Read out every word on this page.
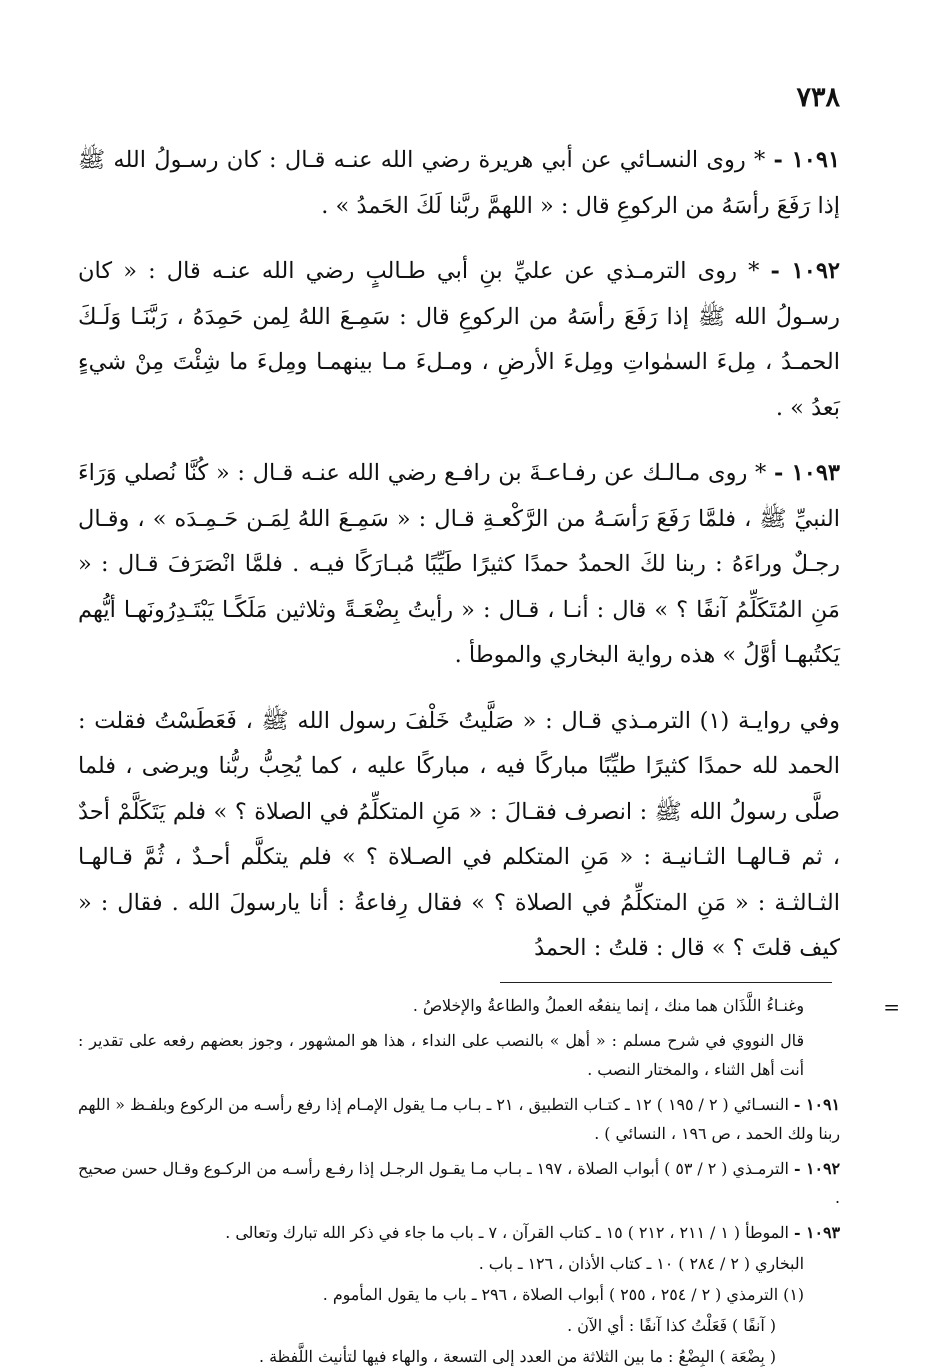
٧٣٨

١٠٩١ - * روى النسـائي عن أبي هريرة رضي الله عنـه قـال : كان رسـولُ الله ﷺ إذا رَفَعَ رأسَهُ من الركوعِ قال : « اللهمَّ ربَّنا لَكَ الحَمدُ » .

١٠٩٢ - * روى الترمـذي عن عليِّ بنِ أبي طـالبٍ رضي الله عنـه قال : « كان رسـولُ الله ﷺ إذا رَفَعَ رأسَهُ من الركوعِ قال : سَمِـعَ اللهُ لِمن حَمِدَهُ ، رَبَّنَـا وَلَـكَ الحمـدُ ، مِلءَ السمٰواتِ ومِلءَ الأرضِ ، ومـلءَ مـا بينهمـا ومِلءَ ما شِئْتَ مِنْ شيءٍ بَعدُ » .

١٠٩٣ - * روى مـالـك عن رفـاعـةَ بن رافـع رضي الله عنـه قـال : « كُنَّا نُصلي وَرَاءَ النبيِّ ﷺ ، فلمَّا رَفَعَ رَأسَـهُ من الرَّكْعـةِ قـال : « سَمِـعَ اللهُ لِمَـن حَـمِـدَه » ، وقـال رجـلٌ وراءَهُ : ربنا لكَ الحمدُ حمدًا كثيرًا طَيِّبًا مُبـارَكًا فيـه . فلمَّا انْصَرَفَ قـال : « مَنِ المُتَكَلِّمُ آنفًا ؟ » قال : أنـا ، قـال : « رأيتُ بِضْعَـةً وثلاثين مَلَكًـا يَبْتَـدِرُونَهـا أيُّهم يَكتُبهـا أوَّلُ » هذه رواية البخاري والموطأ .

وفي روايـة (١) الترمـذي قـال : « صَلَّيتُ خَلْفَ رسول الله ﷺ ، فَعَطَسْتُ فقلت : الحمد لله حمدًا كثيرًا طيِّبًا مباركًا فيه ، مباركًا عليه ، كما يُحِبُّ ربُّنا ويرضى ، فلما صلَّى رسولُ الله ﷺ : انصرف فقـالَ : « مَنِ المتكلِّمُ في الصلاة ؟ » فلم يَتَكَلَّمْ أحدٌ ، ثم قـالهـا الثـانيـة : « مَنِ المتكلم في الصـلاة ؟ » فلم يتكلَّم أحـدٌ ، ثُمَّ قـالهـا الثـالثـة : « مَنِ المتكلِّمُ في الصلاة ؟ » فقال رِفاعةُ : أنا يارسولَ الله . فقال : « كيف قلتَ ؟ » قال : قلتُ : الحمدُ

=

وغنـاءُ اللَّذَان هما منك ، إنما ينفعُه العملُ والطاعةُ والإخلاصُ .

قال النووي في شرح مسلم : « أهل » بالنصب على النداء ، هذا هو المشهور ، وجوز بعضهم رفعه على تقدير : أنت أهل الثناء ، والمختار النصب .

١٠٩١ - النسـائي ( ٢ / ١٩٥ ) ١٢ ـ كتـاب التطبيق ، ٢١ ـ بـاب مـا يقول الإمـام إذا رفع رأسـه من الركوع وبلفـظ « اللهم ربنا ولك الحمد ، ص ١٩٦ ، النسائي ) .

١٠٩٢ - الترمـذي ( ٢ / ٥٣ ) أبواب الصلاة ، ١٩٧ ـ بـاب مـا يقـول الرجـل إذا رفـع رأسـه من الركـوع وقـال حسن صحيح .

١٠٩٣ - الموطأ ( ١ / ٢١١ ، ٢١٢ ) ١٥ ـ كتاب القرآن ، ٧ ـ باب ما جاء في ذكر الله تبارك وتعالى .

البخاري ( ٢ / ٢٨٤ ) ١٠ ـ كتاب الأذان ، ١٢٦ ـ باب .

(١) الترمذي ( ٢ / ٢٥٤ ، ٢٥٥ ) أبواب الصلاة ، ٢٩٦ ـ باب ما يقول المأموم .

( آنفًا ) فَعَلْتُ كذا آنفًا : أي الآن .

( بِضْعَة ) البِضْعُ : ما بين الثلاثة من العدد إلى التسعة ، والهاء فيها لتأنيث اللَّفظة .
